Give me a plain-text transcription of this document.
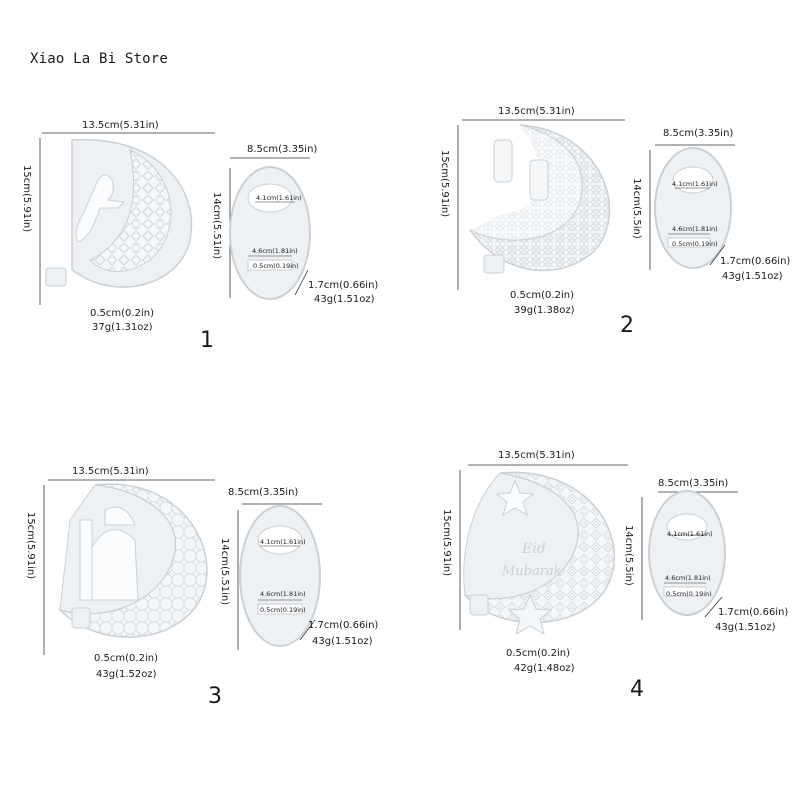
Xiao La Bi Store
13.5cm(5.31in)
15cm(5.91in)
0.5cm(0.2in)
37g(1.31oz)
8.5cm(3.35in)
14cm(5.51in)	4.1cm(1.61in)
4.6cm(1.81in)
0.5cm(0.19in)
1.7cm(0.66in)
43g(1.51oz)
1
13.5cm(5.31in)
15cm(5.91in)
0.5cm(0.2in)
39g(1.38oz)
8.5cm(3.35in)
14cm(5.5in)	4.1cm(1.61in)
4.6cm(1.81in)
0.5cm(0.19in)
1.7cm(0.66in)
43g(1.51oz)
2
13.5cm(5.31in)
15cm(5.91in)
0.5cm(0.2in)
43g(1.52oz)
8.5cm(3.35in)
14cm(5.51in)	4.1cm(1.61in)
4.6cm(1.81in)
0.5cm(0.19in)
1.7cm(0.66in)
43g(1.51oz)
3
Eid
Mubarak
13.5cm(5.31in)
15cm(5.91in)
0.5cm(0.2in)
42g(1.48oz)
8.5cm(3.35in)
14cm(5.5in)	4.1cm(1.61in)
4.6cm(1.81in)
0.5cm(0.19in)
1.7cm(0.66in)
43g(1.51oz)
4
